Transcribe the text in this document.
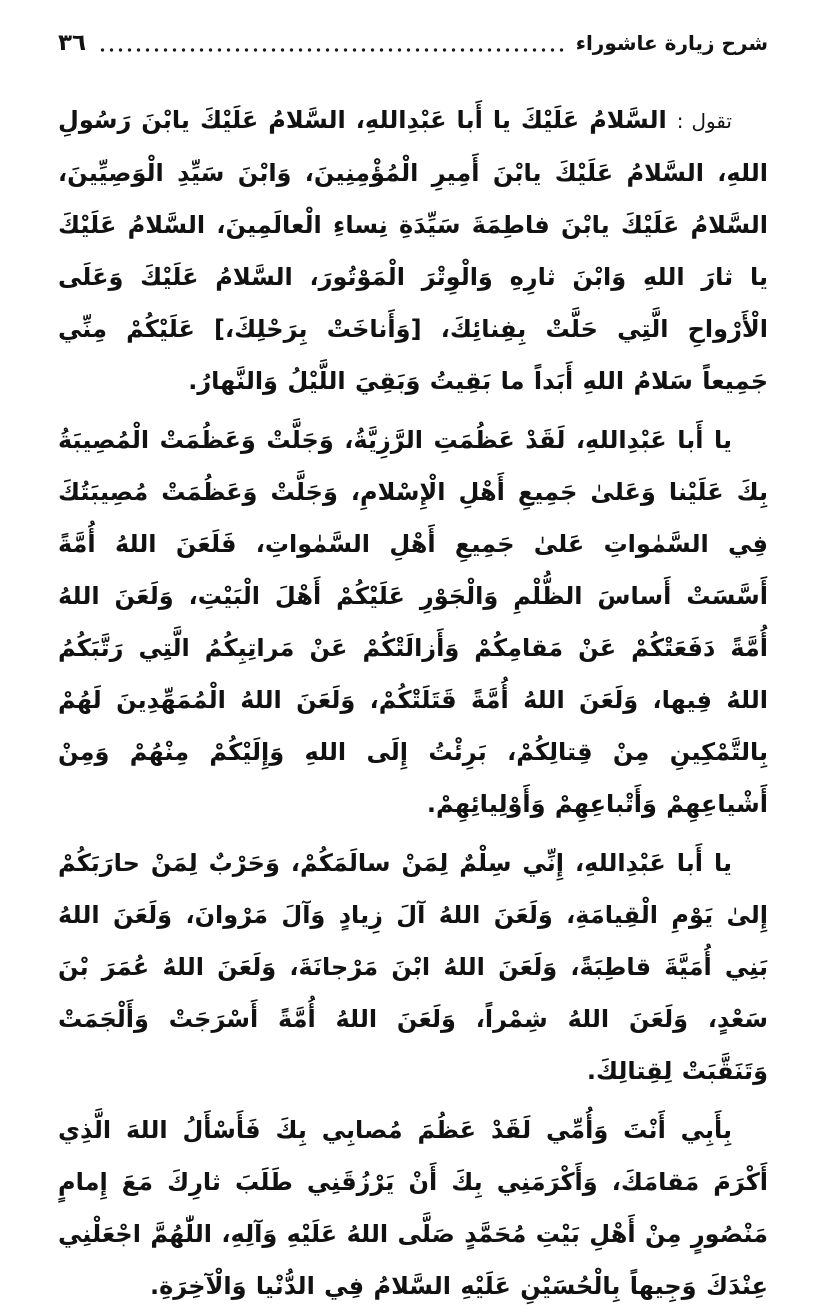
شرح زيارة عاشوراء
٣٦

تقول :السَّلامُ عَلَيْكَ يا أَبا عَبْدِاللهِ، السَّلامُ عَلَيْكَ يابْنَ رَسُولِ اللهِ، السَّلامُ عَلَيْكَ يابْنَ أَمِيرِ الْمُؤْمِنِينَ، وَابْنَ سَيِّدِ الْوَصِيِّينَ، السَّلامُ عَلَيْكَ يابْنَ فاطِمَةَ سَيِّدَةِ نِساءِ الْعالَمِينَ، السَّلامُ عَلَيْكَ يا ثارَ اللهِ وَابْنَ ثارِهِ وَالْوِتْرَ الْمَوْتُورَ، السَّلامُ عَلَيْكَ وَعَلَى الْأَرْواحِ الَّتِي حَلَّتْ بِفِنائِكَ، [وَأَناخَتْ بِرَحْلِكَ،] عَلَيْكُمْ مِنِّي جَمِيعاً سَلامُ اللهِ أَبَداً ما بَقِيتُ وَبَقِيَ اللَّيْلُ وَالنَّهارُ.

يا أَبا عَبْدِاللهِ، لَقَدْ عَظُمَتِ الرَّزِيَّةُ، وَجَلَّتْ وَعَظُمَتْ الْمُصِيبَةُ بِكَ عَلَيْنا وَعَلىٰ جَمِيعِ أَهْلِ الْإِسْلامِ، وَجَلَّتْ وَعَظُمَتْ مُصِيبَتُكَ فِي السَّمٰواتِ عَلىٰ جَمِيعِ أَهْلِ السَّمٰواتِ، فَلَعَنَ اللهُ أُمَّةً أَسَّسَتْ أَساسَ الظُّلْمِ وَالْجَوْرِ عَلَيْكُمْ أَهْلَ الْبَيْتِ، وَلَعَنَ اللهُ أُمَّةً دَفَعَتْكُمْ عَنْ مَقامِكُمْ وَأَزالَتْكُمْ عَنْ مَراتِبِكُمُ الَّتِي رَتَّبَكُمُ اللهُ فِيها، وَلَعَنَ اللهُ أُمَّةً قَتَلَتْكُمْ، وَلَعَنَ اللهُ الْمُمَهِّدِينَ لَهُمْ بِالتَّمْكِينِ مِنْ قِتالِكُمْ، بَرِئْتُ إِلَى اللهِ وَإِلَيْكُمْ مِنْهُمْ وَمِنْ أَشْياعِهِمْ وَأَتْباعِهِمْ وَأَوْلِيائِهِمْ.

يا أَبا عَبْدِاللهِ، إِنِّي سِلْمٌ لِمَنْ سالَمَكُمْ، وَحَرْبٌ لِمَنْ حارَبَكُمْ إِلىٰ يَوْمِ الْقِيامَةِ، وَلَعَنَ اللهُ آلَ زِيادٍ وَآلَ مَرْوانَ، وَلَعَنَ اللهُ بَنِي أُمَيَّةَ قاطِبَةً، وَلَعَنَ اللهُ ابْنَ مَرْجانَةَ، وَلَعَنَ اللهُ عُمَرَ بْنَ سَعْدٍ، وَلَعَنَ اللهُ شِمْراً، وَلَعَنَ اللهُ أُمَّةً أَسْرَجَتْ وَأَلْجَمَتْ وَتَنَقَّبَتْ لِقِتالِكَ.

بِأَبِي أَنْتَ وَأُمِّي لَقَدْ عَظُمَ مُصابِي بِكَ فَأَسْأَلُ اللهَ الَّذِي أَكْرَمَ مَقامَكَ، وَأَكْرَمَنِي بِكَ أَنْ يَرْزُقَنِي طَلَبَ ثارِكَ مَعَ إِمامٍ مَنْصُورٍ مِنْ أَهْلِ بَيْتِ مُحَمَّدٍ صَلَّى اللهُ عَلَيْهِ وَآلِهِ، اللّٰهُمَّ اجْعَلْنِي عِنْدَكَ وَجِيهاً بِالْحُسَيْنِ عَلَيْهِ السَّلامُ فِي الدُّنْيا وَالْآخِرَةِ.
